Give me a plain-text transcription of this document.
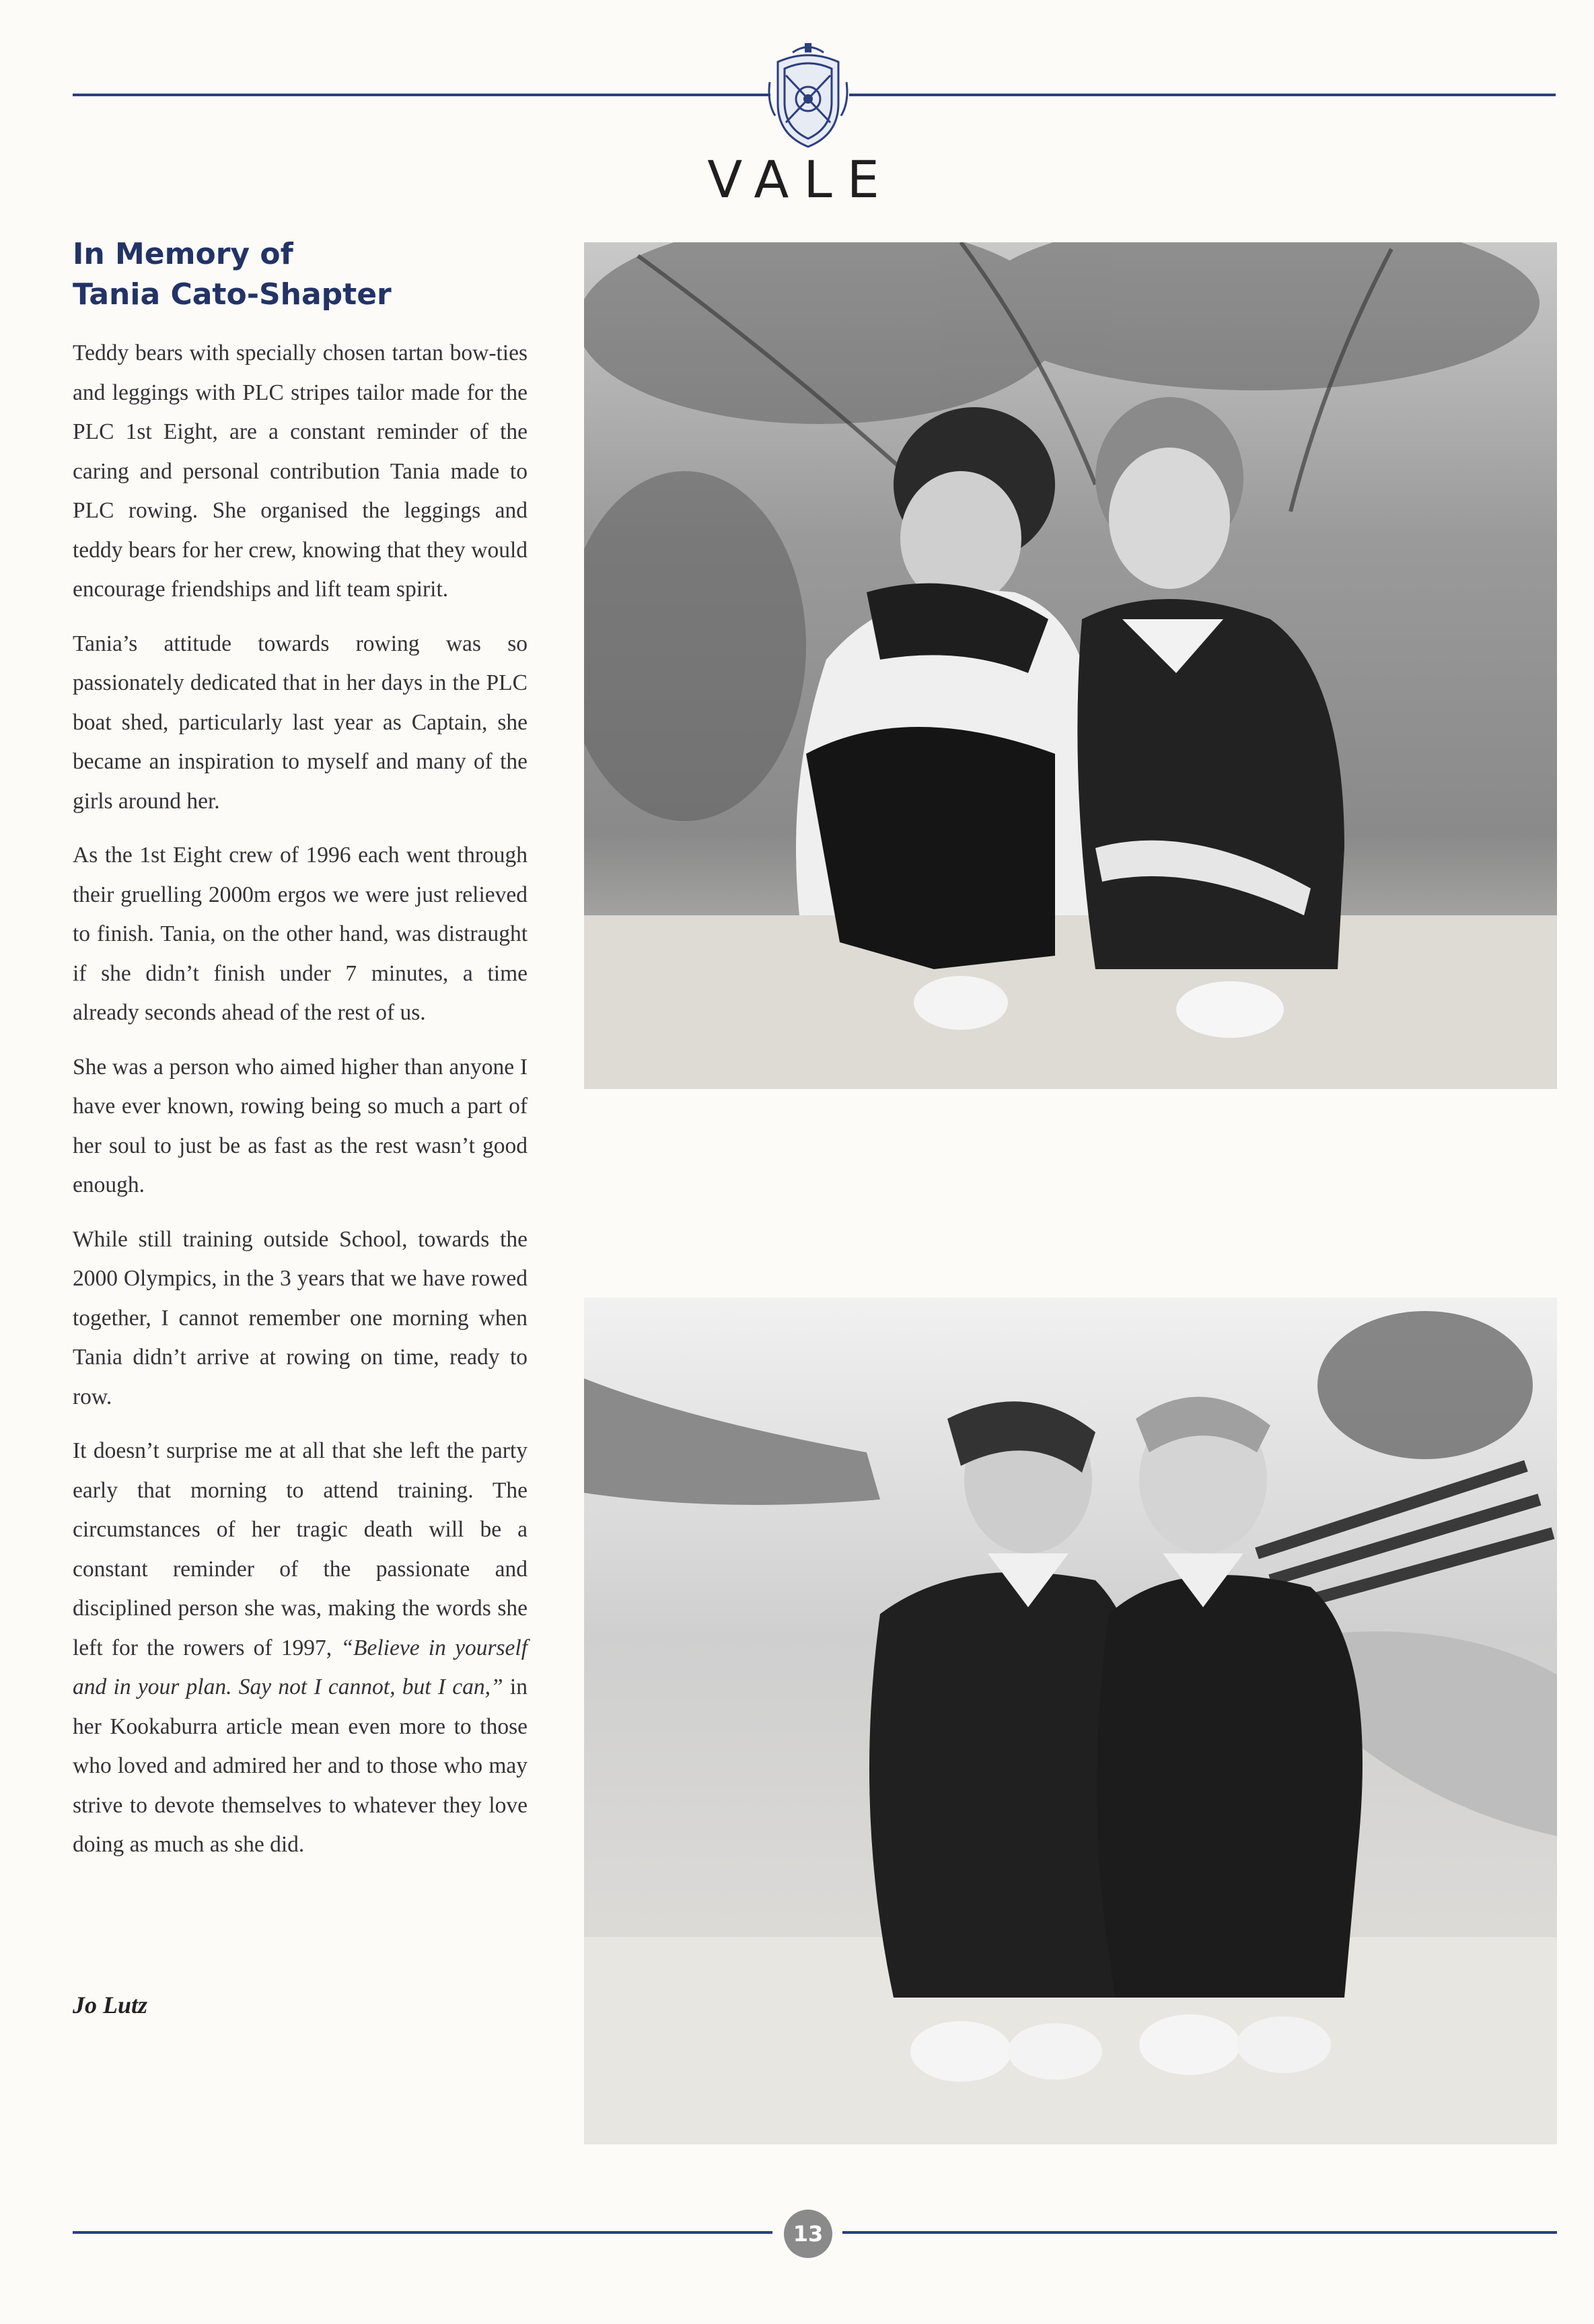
VALE
In Memory of
Tania Cato-Shapter

Teddy bears with specially chosen tartan bow-ties and leggings with PLC stripes tailor made for the PLC 1st Eight, are a constant reminder of the caring and personal contribution Tania made to PLC rowing. She organised the leggings and teddy bears for her crew, knowing that they would encourage friendships and lift team spirit.

Tania’s attitude towards rowing was so passionately dedicated that in her days in the PLC boat shed, particularly last year as Captain, she became an inspiration to myself and many of the girls around her.

As the 1st Eight crew of 1996 each went through their gruelling 2000m ergos we were just relieved to finish. Tania, on the other hand, was distraught if she didn’t finish under 7 minutes, a time already seconds ahead of the rest of us.

She was a person who aimed higher than anyone I have ever known, rowing being so much a part of her soul to just be as fast as the rest wasn’t good enough.

While still training outside School, towards the 2000 Olympics, in the 3 years that we have rowed together, I cannot remember one morning when Tania didn’t arrive at rowing on time, ready to row.

It doesn’t surprise me at all that she left the party early that morning to attend training. The circumstances of her tragic death will be a constant reminder of the passionate and disciplined person she was, making the words she left for the rowers of 1997, “Believe in yourself and in your plan. Say not I cannot, but I can,” in her Kookaburra article mean even more to those who loved and admired her and to those who may strive to devote themselves to whatever they love doing as much as she did.

Jo Lutz

13
